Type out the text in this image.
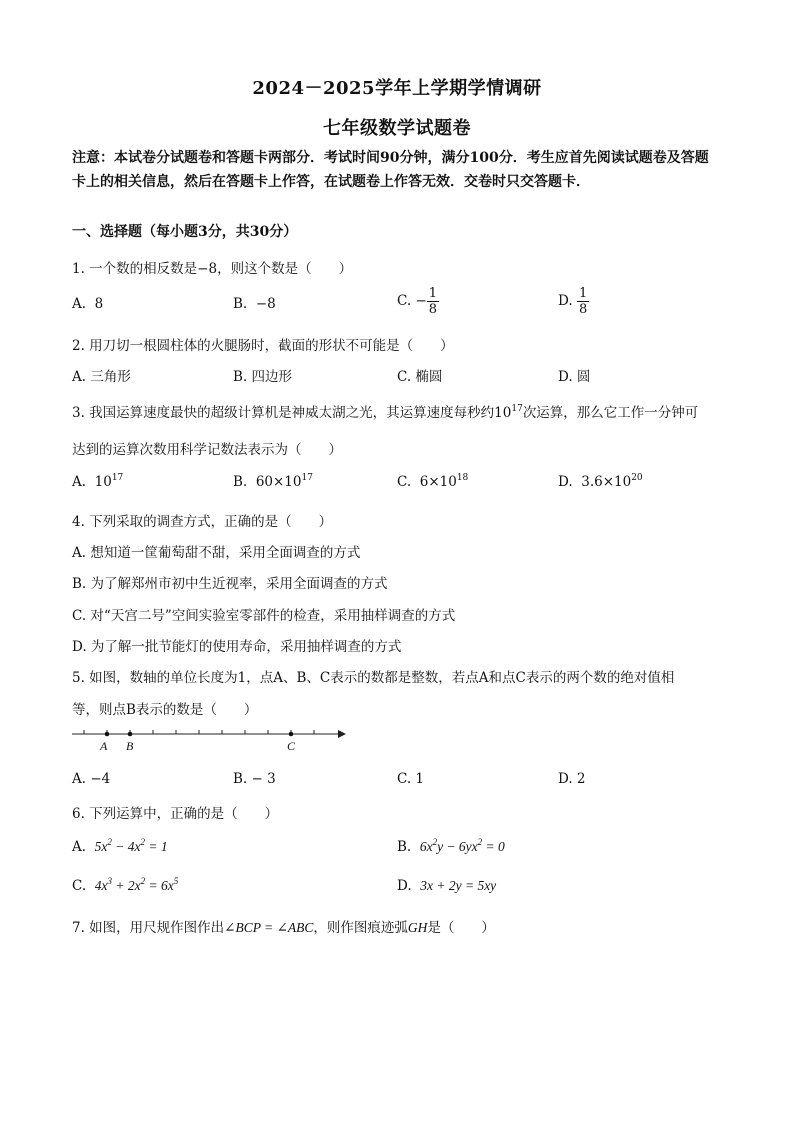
2024－2025学年上学期学情调研
七年级数学试题卷
注意：本试卷分试题卷和答题卡两部分．考试时间90分钟，满分100分．考生应首先阅读试题卷及答题卡上的相关信息，然后在答题卡上作答，在试题卷上作答无效．交卷时只交答题卡．
一、选择题（每小题3分，共30分）
1. 一个数的相反数是−8，则这个数是（　　）
A. 8	B. −8	C. − $\frac{1}{8}$	D. $\frac{1}{8}$
2. 用刀切一根圆柱体的火腿肠时，截面的形状不可能是（　　）
A. 三角形	B. 四边形	C. 椭圆	D. 圆
3. 我国运算速度最快的超级计算机是神威太湖之光，其运算速度每秒约$10^{17}$次运算，那么它工作一分钟可
达到的运算次数用科学记数法表示为（　　）
A. $10^{17}$	B. $60\times 10^{17}$	C. $6\times 10^{18}$	D. $3.6\times 10^{20}$
4. 下列采取的调查方式，正确的是（　　）
A. 想知道一筐葡萄甜不甜，采用全面调查的方式
B. 为了解郑州市初中生近视率，采用全面调查的方式
C. 对“天宫二号”空间实验室零部件的检查，采用抽样调查的方式
D. 为了解一批节能灯的使用寿命，采用抽样调查的方式
5. 如图，数轴的单位长度为1，点A、B、C表示的数都是整数，若点A和点C表示的两个数的绝对值相
等，则点B表示的数是（　　）
A B	C
A. −4	B. − 3	C. 1	D. 2
6. 下列运算中，正确的是（　　）
A. $5x^2 - 4x^2 = 1$	B. $6x^2y - 6yx^2 = 0$
C. $4x^3 + 2x^2 = 6x^5$	D. 3x + 2y = 5xy
7. 如图，用尺规作图作出∠BCP = ∠ABC，则作图痕迹弧GH是（　　）
